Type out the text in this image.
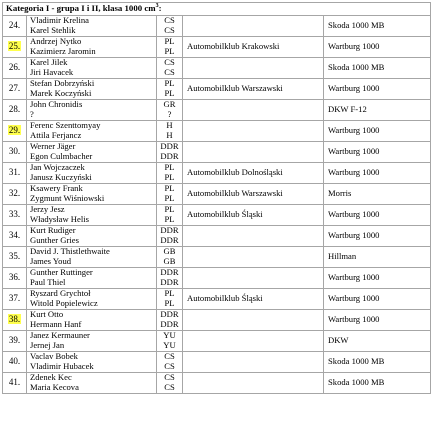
Kategoria I - grupa I i II, klasa 1000 $cm^3$:				
24.	Vladimir Krelina
Karel Stehlik	CS
CS		Skoda 1000 MB
25.	Andrzej Nytko
Kazimierz Jaromin	PL
PL	Automobilklub Krakowski	Wartburg 1000
26.	Karel Jilek
Jiri Havacek	CS
CS		Skoda 1000 MB
27.	Stefan Dobrzyński
Marek Koczyński	PL
PL	Automobilklub Warszawski	Wartburg 1000
28.	John Chronidis
?	GR
?		DKW F-12
29.	Ferenc Szenttomyay
Attila Ferjancz	H
H		Wartburg 1000
30.	Werner Jäger
Egon Culmbacher	DDR
DDR		Wartburg 1000
31.	Jan Wojczaczek
Janusz Kuczyński	PL
PL	Automobilklub Dolnośląski	Wartburg 1000
32.	Ksawery Frank
Zygmunt Wiśniowski	PL
PL	Automobilklub Warszawski	Morris
33.	Jerzy Jesz
Władysław Helis	PL
PL	Automobilklub Śląski	Wartburg 1000
34.	Kurt Rudiger
Gunther Gries	DDR
DDR		Wartburg 1000
35.	David J. Thistlethwaite
James Youd	GB
GB		Hillman
36.	Gunther Ruttinger
Paul Thiel	DDR
DDR		Wartburg 1000
37.	Ryszard Grychtoł
Witold Popielewicz	PL
PL	Automobilklub Śląski	Wartburg 1000
38.	Kurt Otto
Hermann Hanf	DDR
DDR		Wartburg 1000
39.	Janez Kermauner
Jernej Jan	YU
YU		DKW
40.	Vaclav Bobek
Vladimir Hubacek	CS
CS		Skoda 1000 MB
41.	Zdenek Kec
Maria Kecova	CS
CS		Skoda 1000 MB
